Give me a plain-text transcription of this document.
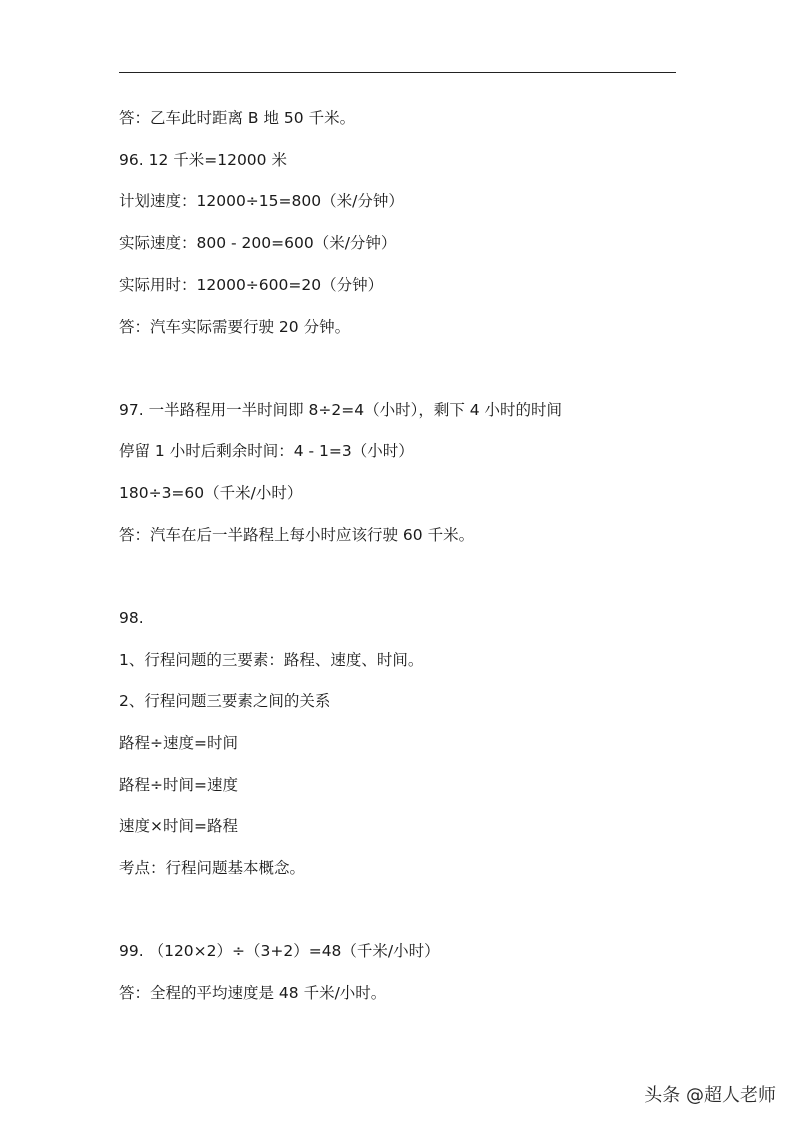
答：乙车此时距离 B 地 50 千米。
96. 12 千米=12000 米
计划速度：12000÷15=800（米/分钟）
实际速度：800 - 200=600（米/分钟）
实际用时：12000÷600=20（分钟）
答：汽车实际需要行驶 20 分钟。
97. 一半路程用一半时间即 8÷2=4（小时），剩下 4 小时的时间
停留 1 小时后剩余时间：4 - 1=3（小时）
180÷3=60（千米/小时）
答：汽车在后一半路程上每小时应该行驶 60 千米。
98.
1、行程问题的三要素：路程、速度、时间。
2、行程问题三要素之间的关系
路程÷速度=时间
路程÷时间=速度
速度×时间=路程
考点：行程问题基本概念。
99. （120×2）÷（3+2）=48（千米/小时）
答：全程的平均速度是 48 千米/小时。
头条 @超人老师
